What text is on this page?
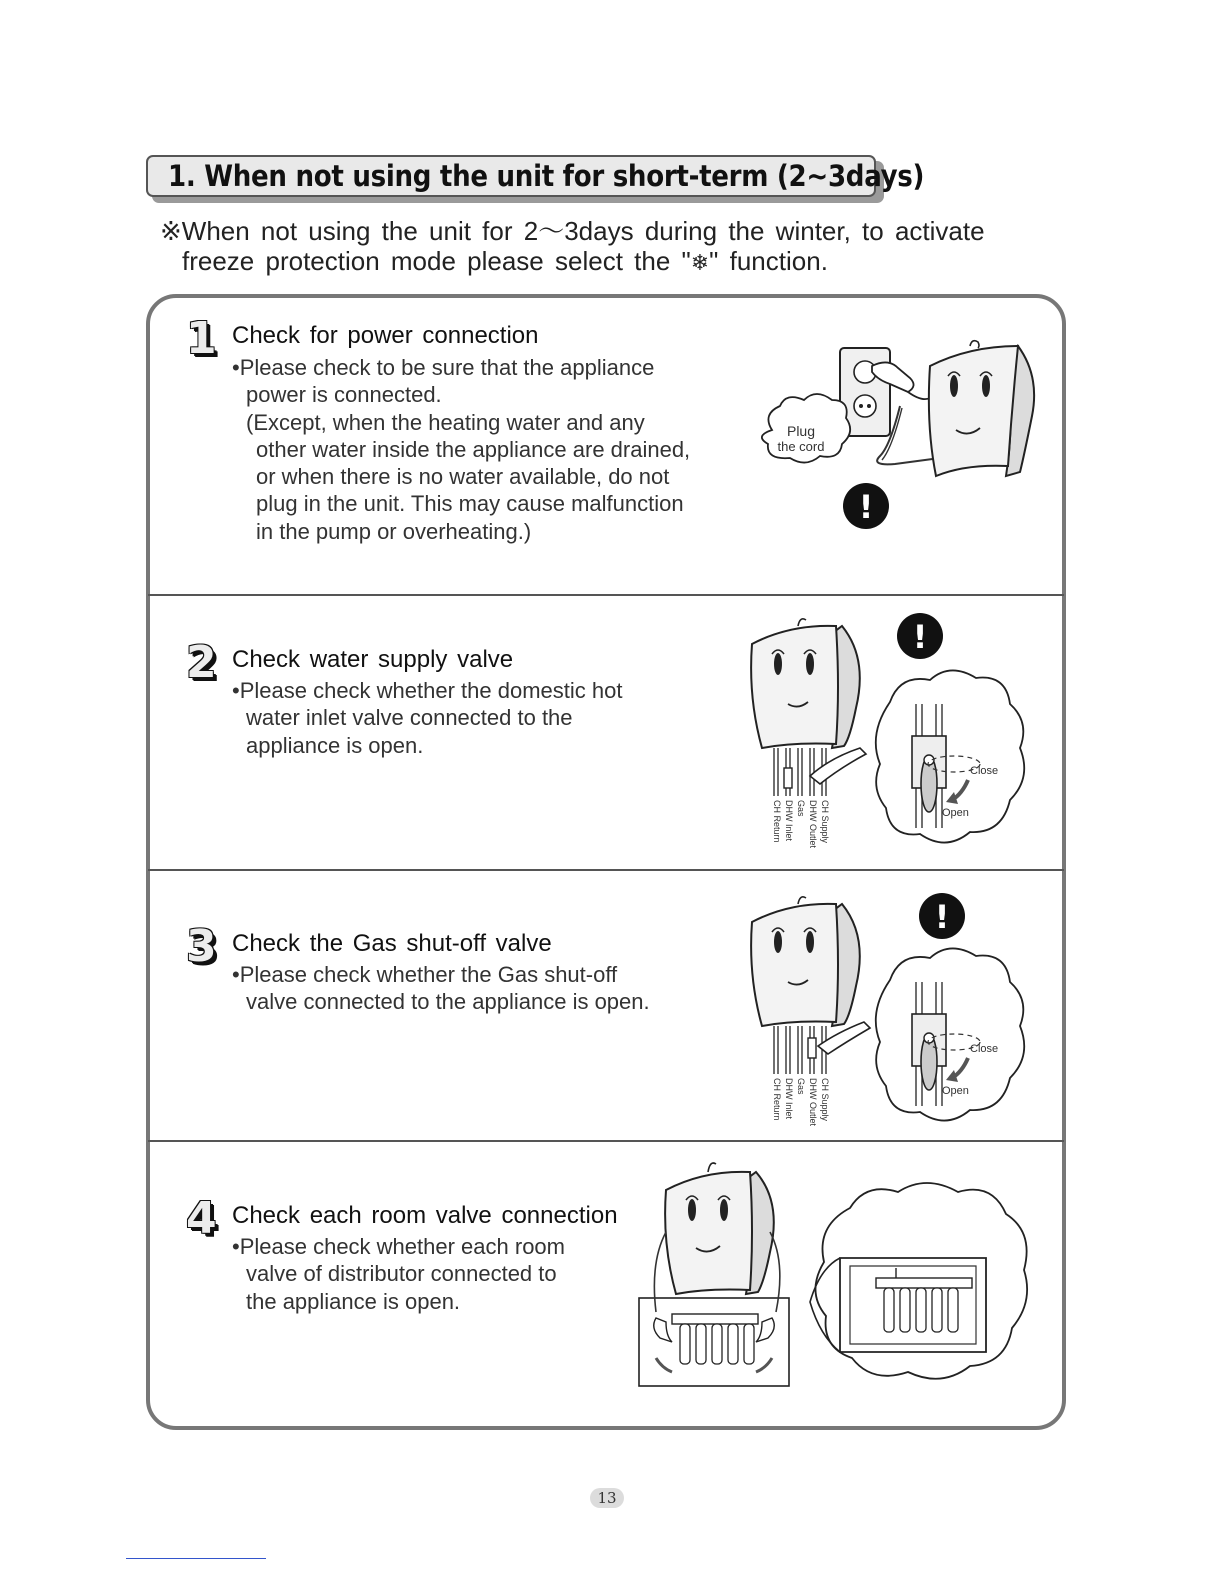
1. When not using the unit for short-term (2~3days)
※When not using the unit for 2～3days during the winter, to activate
freeze protection mode please select the "❄" function.
1 Check for power connection
•Please check to be sure that the appliance
power is connected.
(Except, when the heating water and any
other water inside the appliance are drained,
or when there is no water available, do not
plug in the unit. This may cause malfunction
in the pump or overheating.)
Plug
the cord
!
2 Check water supply valve
•Please check whether the domestic hot
water inlet valve connected to the
appliance is open.
CH Return DHW Inlet Gas DHW Outlet CH Supply
Close
Open
!
3 Check the Gas shut-off valve
•Please check whether the Gas shut-off
valve connected to the appliance is open.
CH Return DHW Inlet Gas DHW Outlet CH Supply
Close
Open
!
4 Check each room valve connection
•Please check whether each room
valve of distributor connected to
the appliance is open.
13
